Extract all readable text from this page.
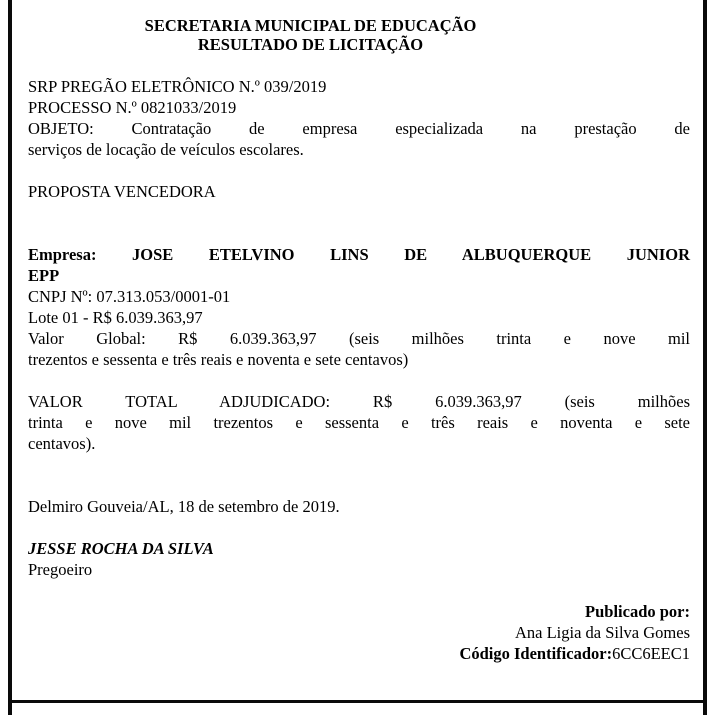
SECRETARIA MUNICIPAL DE EDUCAÇÃO
RESULTADO DE LICITAÇÃO

SRP PREGÃO ELETRÔNICO N.º 039/2019

PROCESSO N.º 0821033/2019

OBJETO: Contratação de empresa especializada na prestação de
serviços de locação de veículos escolares.

PROPOSTA VENCEDORA

Empresa: JOSE ETELVINO LINS DE ALBUQUERQUE JUNIOR
EPP

CNPJ Nº: 07.313.053/0001-01

Lote 01 - R$ 6.039.363,97

Valor Global: R$ 6.039.363,97 (seis milhões trinta e nove mil
trezentos e sessenta e três reais e noventa e sete centavos)

VALOR TOTAL ADJUDICADO: R$ 6.039.363,97 (seis milhões
trinta e nove mil trezentos e sessenta e três reais e noventa e sete
centavos).

Delmiro Gouveia/AL, 18 de setembro de 2019.

JESSE ROCHA DA SILVA

Pregoeiro

Publicado por:

Ana Ligia da Silva Gomes

Código Identificador:6CC6EEC1
